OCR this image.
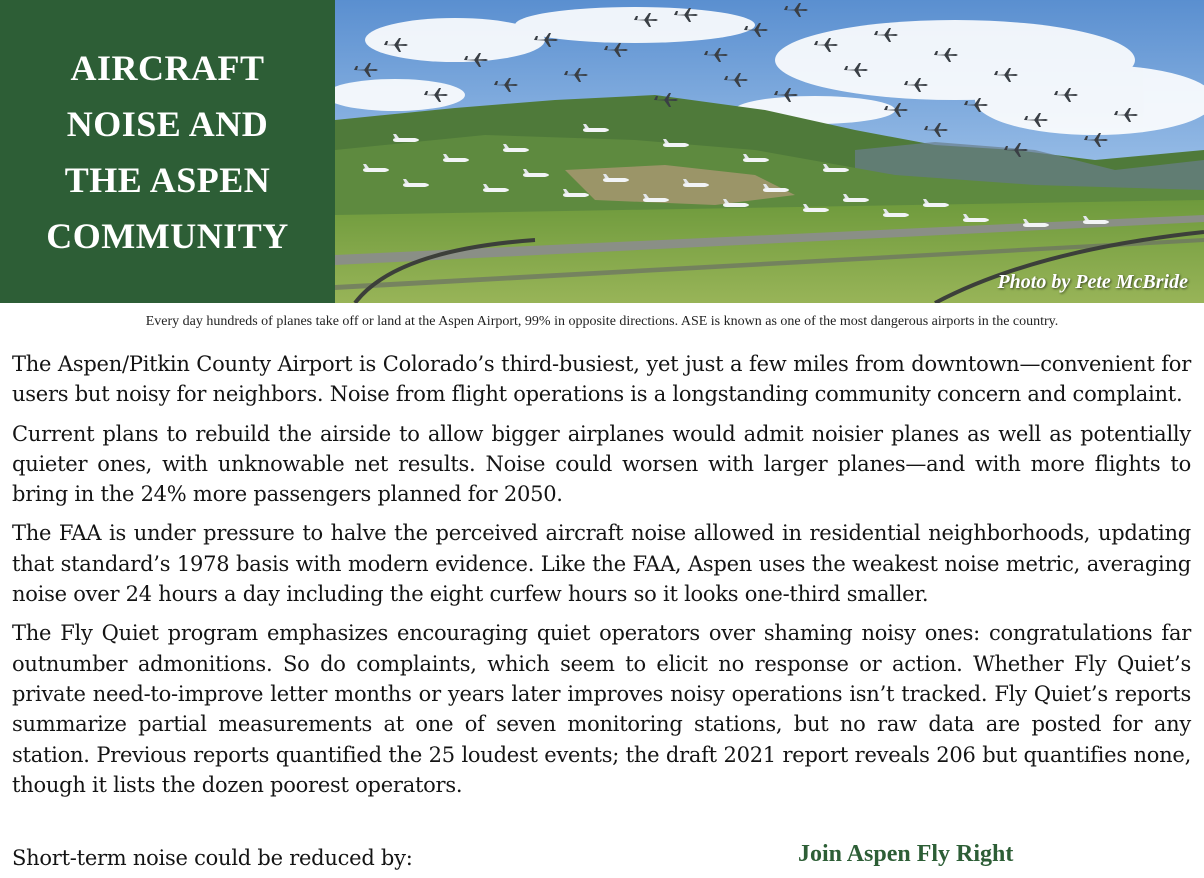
AIRCRAFT
NOISE AND
THE ASPEN
COMMUNITY
Photo by Pete McBride
Every day hundreds of planes take off or land at the Aspen Airport, 99% in opposite directions. ASE is known as one of the most dangerous airports in the country.

The Aspen/Pitkin County Airport is Colorado’s third-busiest, yet just a few miles from downtown—convenient for users but noisy for neighbors. Noise from flight operations is a longstanding community concern and complaint.

Current plans to rebuild the airside to allow bigger airplanes would admit noisier planes as well as potentially quieter ones, with unknowable net results. Noise could worsen with larger planes—and with more flights to bring in the 24% more passengers planned for 2050.

The FAA is under pressure to halve the perceived aircraft noise allowed in residential neighborhoods, updating that standard’s 1978 basis with modern evidence. Like the FAA, Aspen uses the weakest noise metric, averaging noise over 24 hours a day including the eight curfew hours so it looks one-third smaller.

The Fly Quiet program emphasizes encouraging quiet operators over shaming noisy ones: congratulations far outnumber admonitions. So do complaints, which seem to elicit no response or action. Whether Fly Quiet’s private need-to-improve letter months or years later improves noisy operations isn’t tracked. Fly Quiet’s reports summarize partial measurements at one of seven monitoring stations, but no raw data are posted for any station. Previous reports quantified the 25 loudest events; the draft 2021 report reveals 206 but quantifies none, though it lists the dozen poorest operators.

Short-term noise could be reduced by:	Join Aspen Fly Right
